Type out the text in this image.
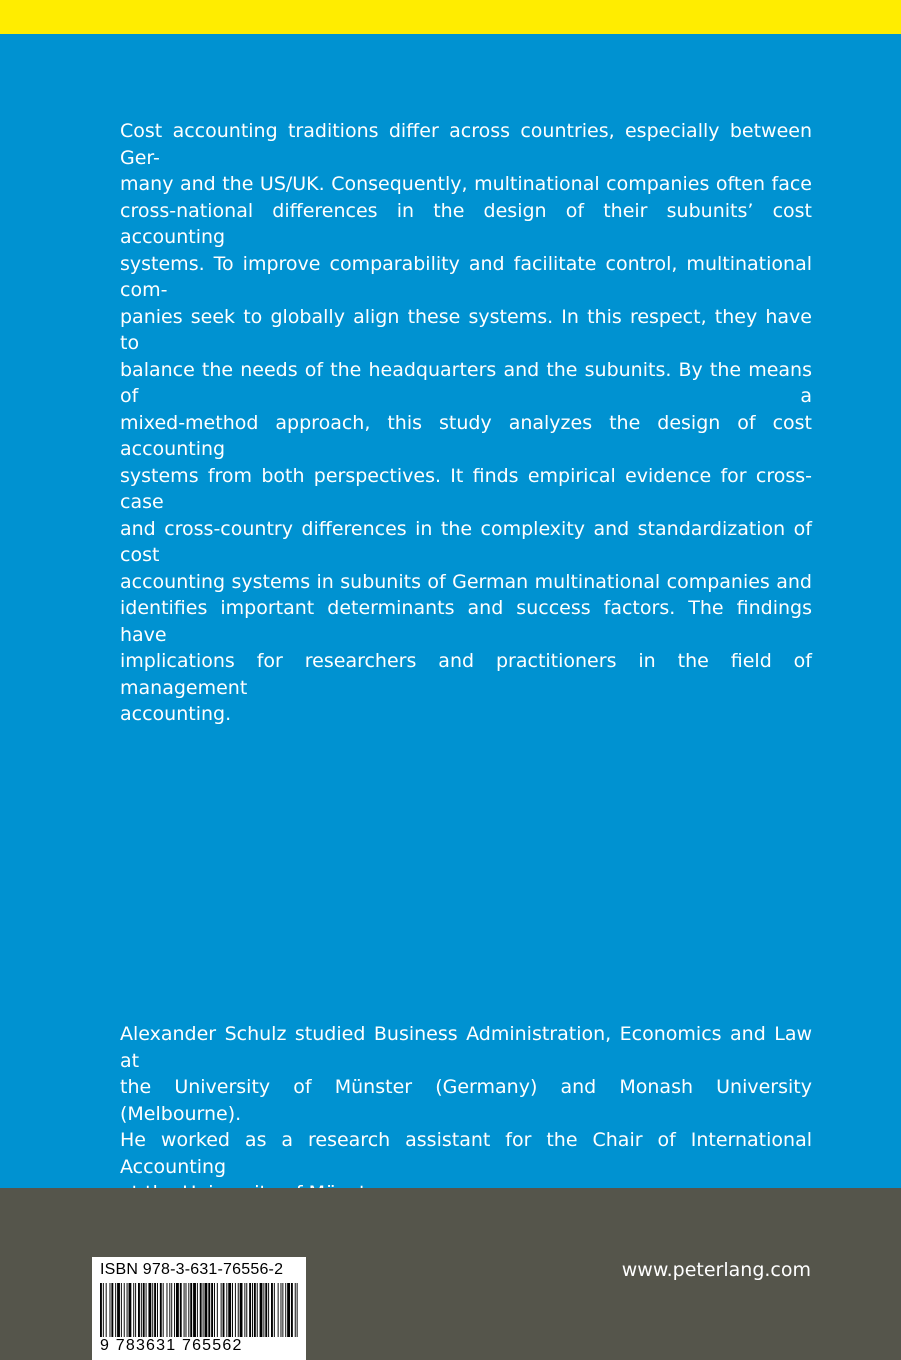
Cost accounting traditions differ across countries, especially between Ger-
many and the US/UK. Consequently, multinational companies often face
cross-national differences in the design of their subunits’ cost accounting
systems. To improve comparability and facilitate control, multinational com-
panies seek to globally align these systems. In this respect, they have to
balance the needs of the headquarters and the subunits. By the means of a
mixed-method approach, this study analyzes the design of cost accounting
systems from both perspectives. It finds empirical evidence for cross-case
and cross-country differences in the complexity and standardization of cost
accounting systems in subunits of German multinational companies and
identifies important determinants and success factors. The findings have
implications for researchers and practitioners in the field of management
accounting.
Alexander Schulz studied Business Administration, Economics and Law at
the University of Münster (Germany) and Monash University (Melbourne).
He worked as a research assistant for the Chair of International Accounting
ISBN 978-3-631-76556-2
9 783631 765562
www.peterlang.com
